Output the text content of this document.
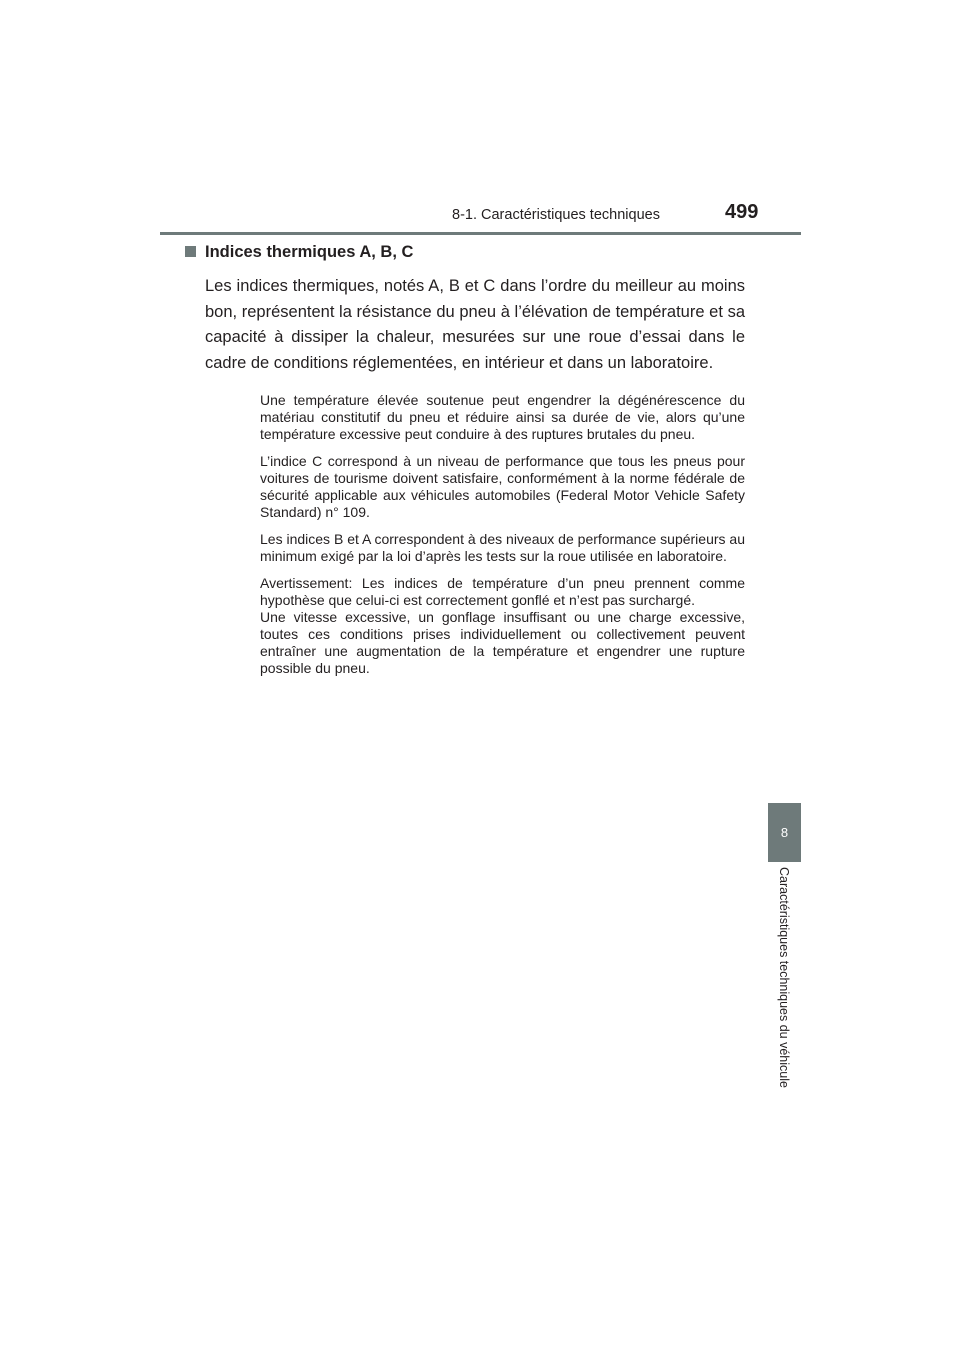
8-1. Caractéristiques techniques	499
8
Caractéristiques techniques du véhicule
Indices thermiques A, B, C

Les indices thermiques, notés A, B et C dans l’ordre du meilleur au moins bon, représentent la résistance du pneu à l’élévation de température et sa capacité à dissiper la chaleur, mesurées sur une roue d’essai dans le cadre de conditions réglementées, en intérieur et dans un laboratoire.

Une température élevée soutenue peut engendrer la dégénérescence du matériau constitutif du pneu et réduire ainsi sa durée de vie, alors qu’une température excessive peut conduire à des ruptures brutales du pneu.

L’indice C correspond à un niveau de performance que tous les pneus pour voitures de tourisme doivent satisfaire, conformément à la norme fédérale de sécurité applicable aux véhicules automobiles (Federal Motor Vehicle Safety Standard) n° 109.

Les indices B et A correspondent à des niveaux de performance supérieurs au minimum exigé par la loi d’après les tests sur la roue utilisée en laboratoire.

Avertissement: Les indices de température d’un pneu prennent comme hypothèse que celui-ci est correctement gonflé et n’est pas surchargé.
Une vitesse excessive, un gonflage insuffisant ou une charge excessive, toutes ces conditions prises individuellement ou collectivement peuvent entraîner une augmentation de la température et engendrer une rupture possible du pneu.
